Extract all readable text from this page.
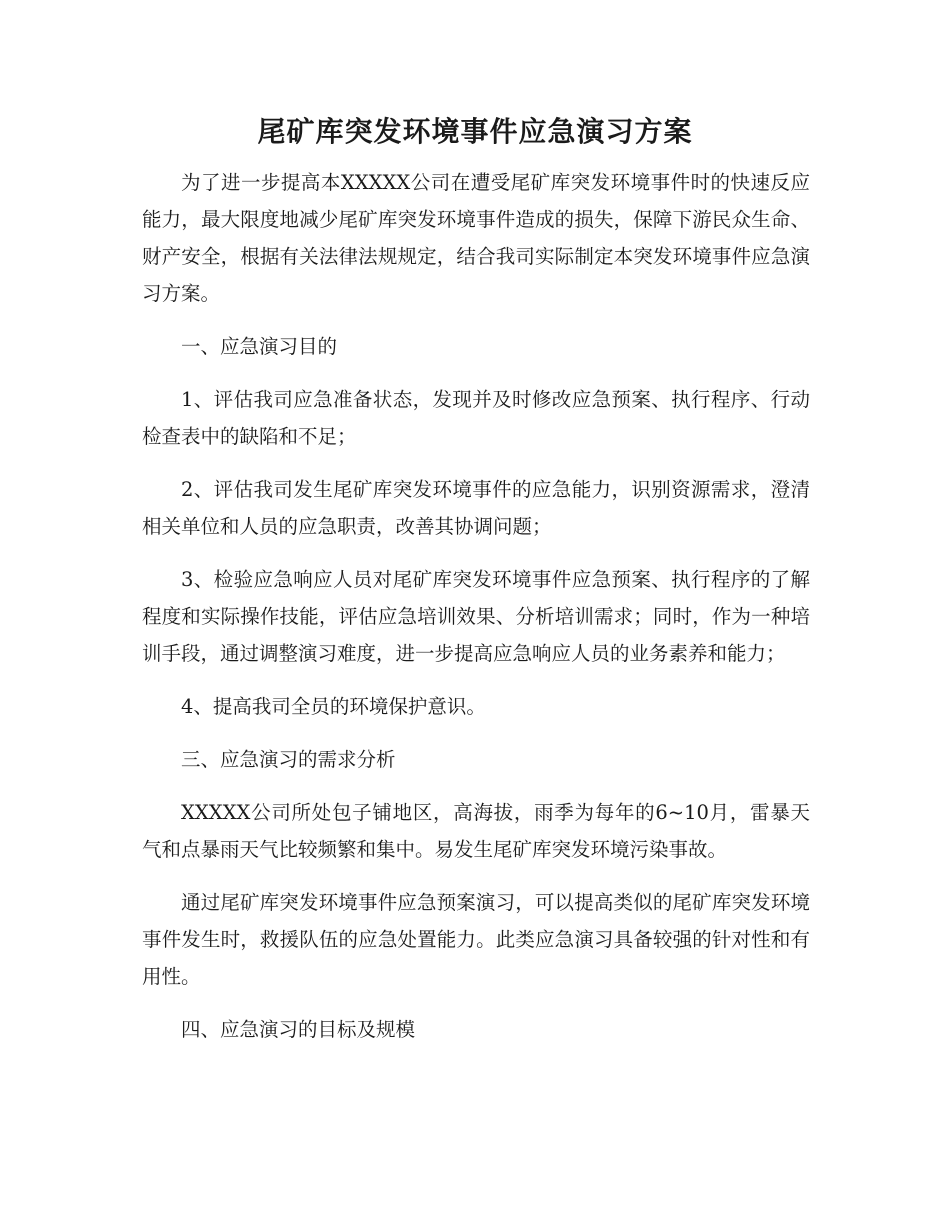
尾矿库突发环境事件应急演习方案

为了进一步提高本XXXXX公司在遭受尾矿库突发环境事件时的快速反应能力，最大限度地减少尾矿库突发环境事件造成的损失，保障下游民众生命、财产安全，根据有关法律法规规定，结合我司实际制定本突发环境事件应急演习方案。

一、应急演习目的

1、评估我司应急准备状态，发现并及时修改应急预案、执行程序、行动检查表中的缺陷和不足；

2、评估我司发生尾矿库突发环境事件的应急能力，识别资源需求，澄清相关单位和人员的应急职责，改善其协调问题；

3、检验应急响应人员对尾矿库突发环境事件应急预案、执行程序的了解程度和实际操作技能，评估应急培训效果、分析培训需求；同时，作为一种培训手段，通过调整演习难度，进一步提高应急响应人员的业务素养和能力；

4、提高我司全员的环境保护意识。

三、应急演习的需求分析

XXXXX公司所处包子铺地区，高海拔，雨季为每年的6~10月，雷暴天气和点暴雨天气比较频繁和集中。易发生尾矿库突发环境污染事故。

通过尾矿库突发环境事件应急预案演习，可以提高类似的尾矿库突发环境事件发生时，救援队伍的应急处置能力。此类应急演习具备较强的针对性和有用性。

四、应急演习的目标及规模
